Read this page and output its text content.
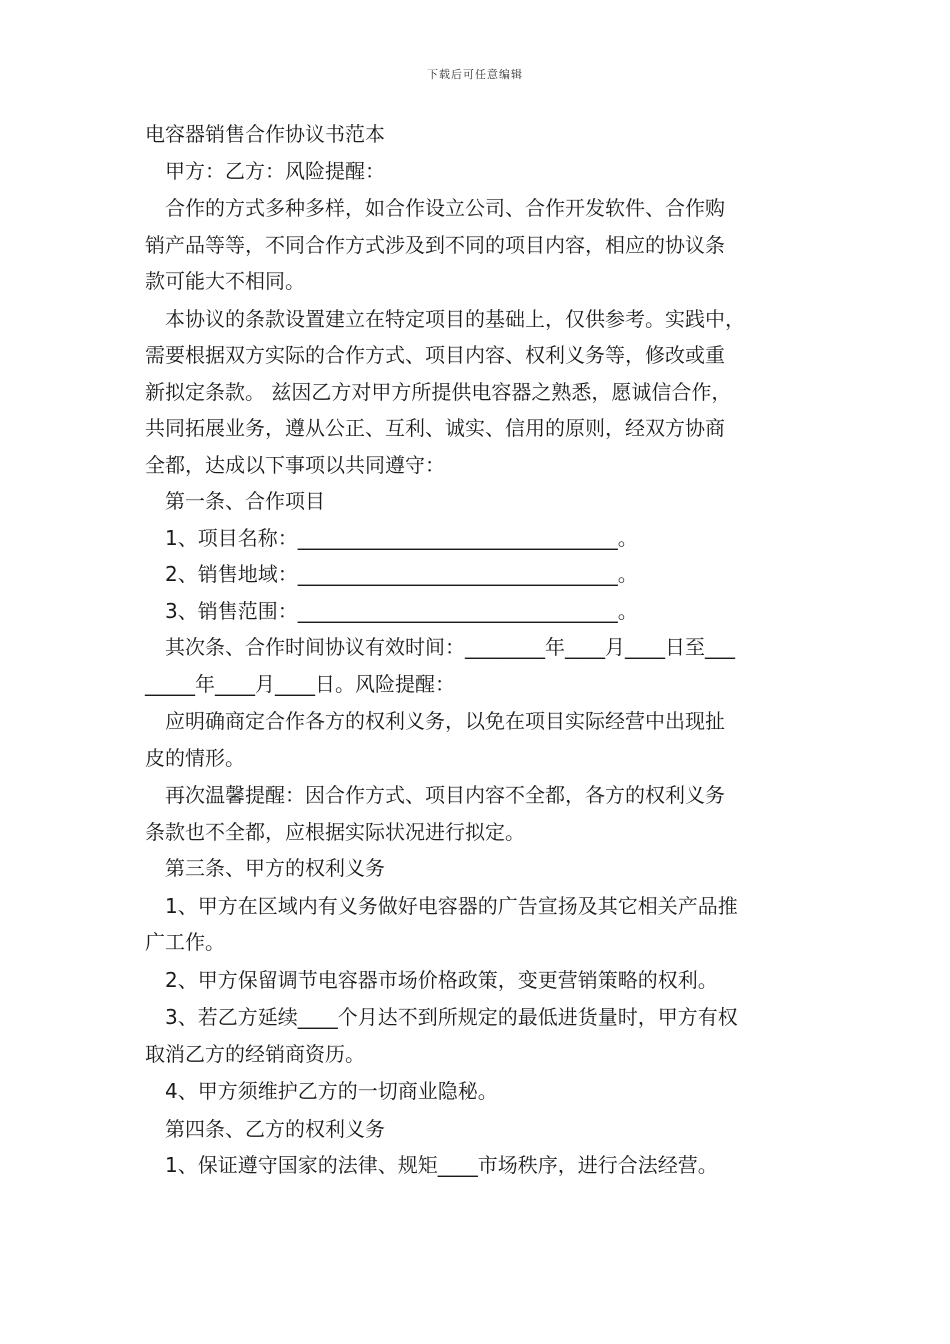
下载后可任意编辑

电容器销售合作协议书范本

甲方：乙方：风险提醒：

合作的方式多种多样，如合作设立公司、合作开发软件、合作购

销产品等等，不同合作方式涉及到不同的项目内容，相应的协议条

款可能大不相同。

本协议的条款设置建立在特定项目的基础上，仅供参考。实践中，

需要根据双方实际的合作方式、项目内容、权利义务等，修改或重

新拟定条款。 兹因乙方对甲方所提供电容器之熟悉，愿诚信合作，

共同拓展业务，遵从公正、互利、诚实、信用的原则，经双方协商

全都，达成以下事项以共同遵守：

第一条、合作项目

1、项目名称：________________________________。

2、销售地域：________________________________。

3、销售范围：________________________________。

其次条、合作时间协议有效时间：________年____月____日至___

_____年____月____日。风险提醒：

应明确商定合作各方的权利义务，以免在项目实际经营中出现扯

皮的情形。

再次温馨提醒：因合作方式、项目内容不全都，各方的权利义务

条款也不全都，应根据实际状况进行拟定。

第三条、甲方的权利义务

1、甲方在区域内有义务做好电容器的广告宣扬及其它相关产品推

广工作。

2、甲方保留调节电容器市场价格政策，变更营销策略的权利。

3、若乙方延续____个月达不到所规定的最低进货量时，甲方有权

取消乙方的经销商资历。

4、甲方须维护乙方的一切商业隐秘。

第四条、乙方的权利义务

1、保证遵守国家的法律、规矩____市场秩序，进行合法经营。
